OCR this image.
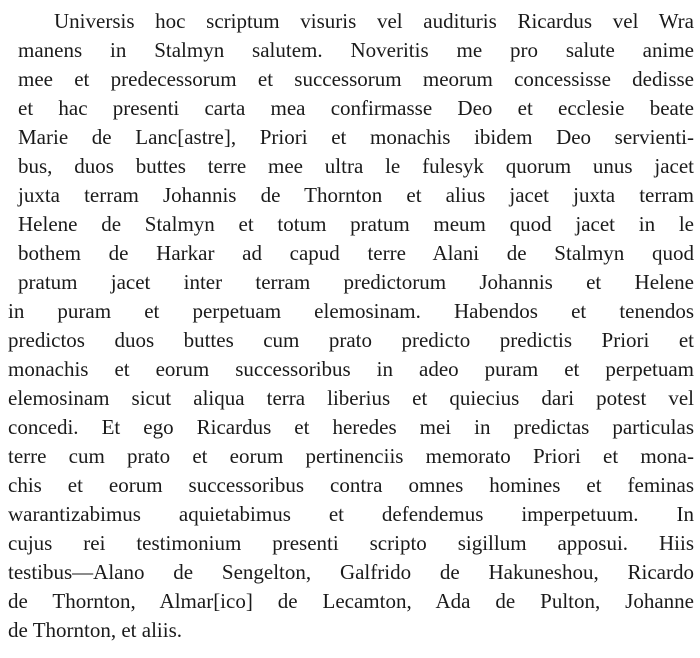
Universis hoc scriptum visuris vel audituris Ricardus vel Wra
manens in Stalmyn salutem. Noveritis me pro salute anime
mee et predecessorum et successorum meorum concessisse dedisse
et hac presenti carta mea confirmasse Deo et ecclesie beate
Marie de Lanc[astre], Priori et monachis ibidem Deo servienti-
bus, duos buttes terre mee ultra le fulesyk quorum unus jacet
juxta terram Johannis de Thornton et alius jacet juxta terram
Helene de Stalmyn et totum pratum meum quod jacet in le
bothem de Harkar ad capud terre Alani de Stalmyn quod
pratum jacet inter terram predictorum Johannis et Helene
in puram et perpetuam elemosinam. Habendos et tenendos
predictos duos buttes cum prato predicto predictis Priori et
monachis et eorum successoribus in adeo puram et perpetuam
elemosinam sicut aliqua terra liberius et quiecius dari potest vel
concedi. Et ego Ricardus et heredes mei in predictas particulas
terre cum prato et eorum pertinenciis memorato Priori et mona-
chis et eorum successoribus contra omnes homines et feminas
warantizabimus aquietabimus et defendemus imperpetuum. In
cujus rei testimonium presenti scripto sigillum apposui. Hiis
testibus—Alano de Sengelton, Galfrido de Hakuneshou, Ricardo
de Thornton, Almar[ico] de Lecamton, Ada de Pulton, Johanne
de Thornton, et aliis.
